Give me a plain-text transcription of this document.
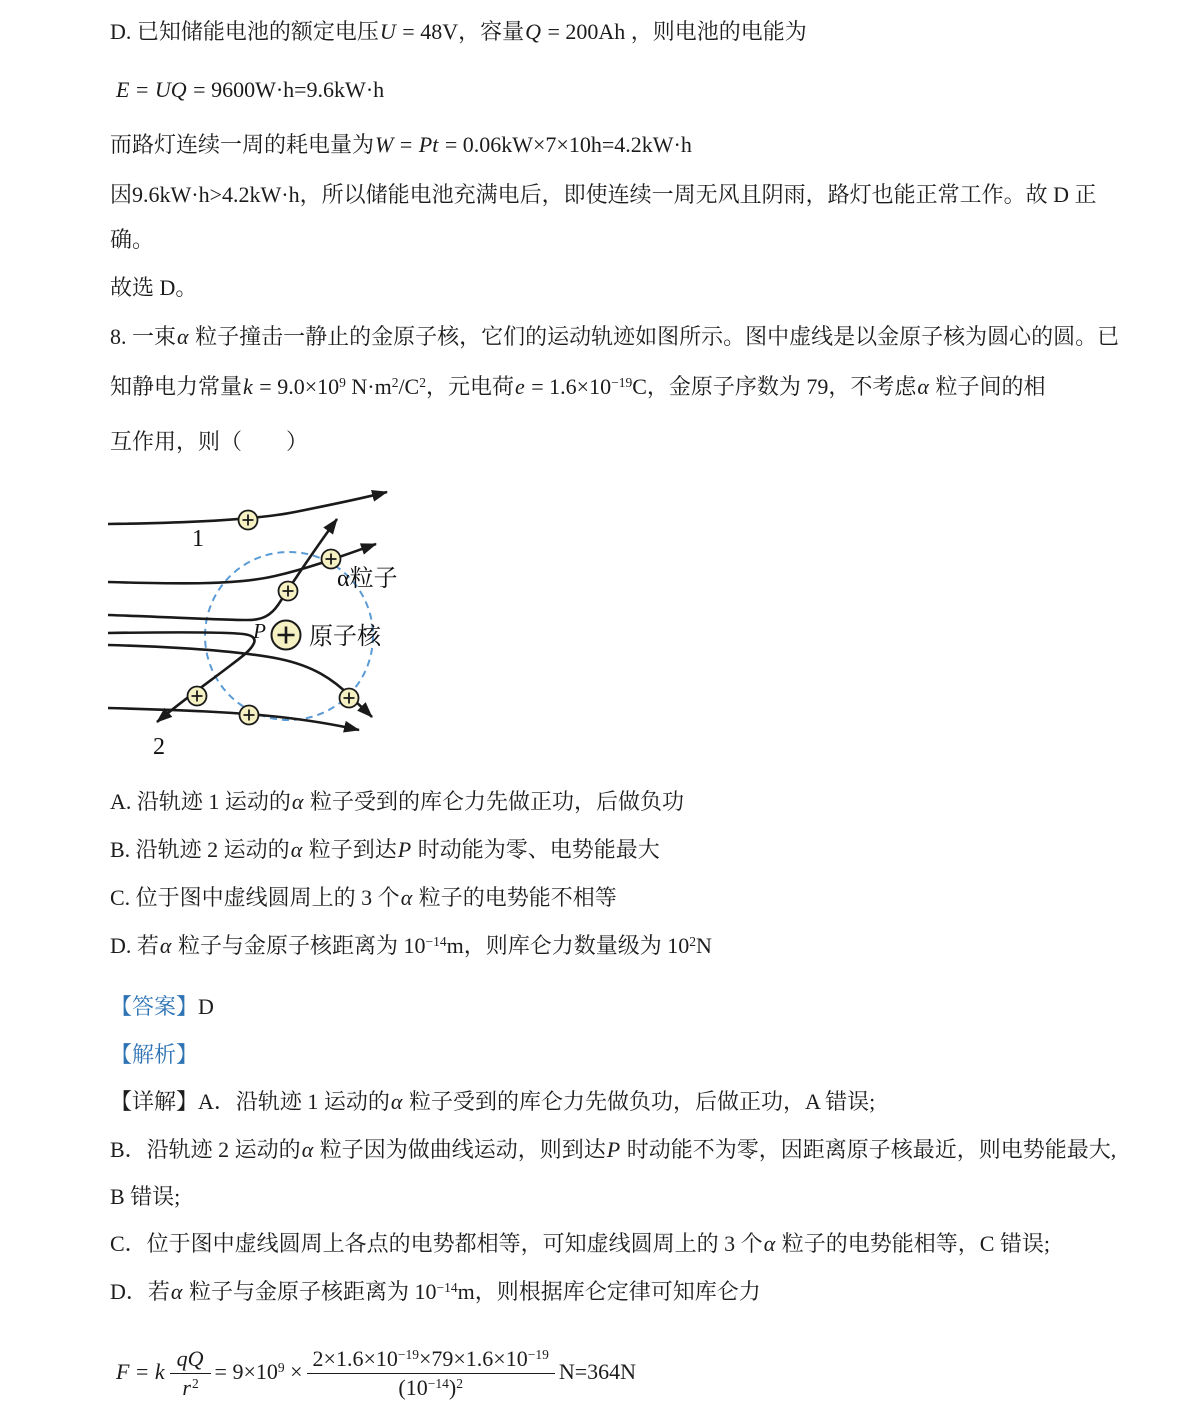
D. 已知储能电池的额定电压U = 48V，容量Q = 200Ah ，则电池的电能为
E = UQ = 9600W·h=9.6kW·h
而路灯连续一周的耗电量为W = Pt = 0.06kW×7×10h=4.2kW·h
因9.6kW·h>4.2kW·h，所以储能电池充满电后，即使连续一周无风且阴雨，路灯也能正常工作。故 D 正
确。
故选 D。
8. 一束α 粒子撞击一静止的金原子核，它们的运动轨迹如图所示。图中虚线是以金原子核为圆心的圆。已
知静电力常量$k = 9.0\times 10^9$ $N\cdot m^2/C^2$，元电荷$e = 1.6\times 10^{-19}C$，金原子序数为 79，不考虑α 粒子间的相
互作用，则（　　）
A. 沿轨迹 1 运动的α 粒子受到的库仑力先做正功，后做负功
B. 沿轨迹 2 运动的α 粒子到达P 时动能为零、电势能最大
C. 位于图中虚线圆周上的 3 个α 粒子的电势能不相等
D. 若α 粒子与金原子核距离为 $10^{-14}m$，则库仑力数量级为 $10^2N$
【答案】D
【解析】
【详解】A．沿轨迹 1 运动的α 粒子受到的库仑力先做负功，后做正功，A 错误;
B．沿轨迹 2 运动的α 粒子因为做曲线运动，则到达P 时动能不为零，因距离原子核最近，则电势能最大,
B 错误;
C．位于图中虚线圆周上各点的电势都相等，可知虚线圆周上的 3 个α 粒子的电势能相等，C 错误;
D．若α 粒子与金原子核距离为 $10^{-14}m$，则根据库仑定律可知库仑力
F = k $\frac{qQ}{r^2} = 9\times 10^9 \times \frac{2\times 1.6\times 10^{-19}\times 79\times 1.6\times 10^{-19}}{(10^{-14})^2} N=364N$
1
2
P
α粒子
原子核
